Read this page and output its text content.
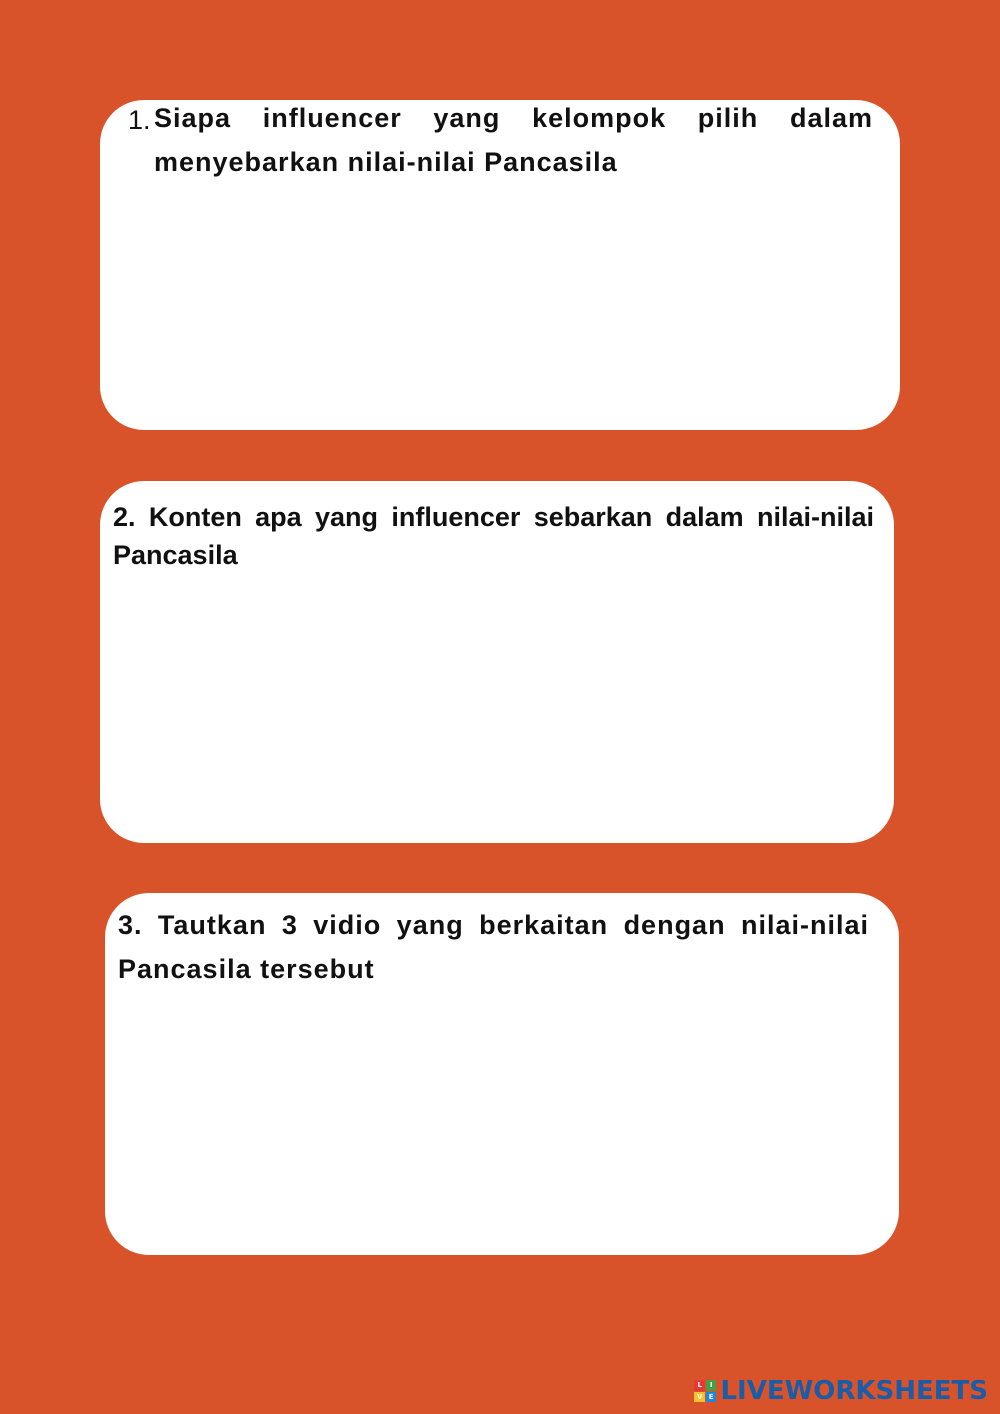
1. Siapa influencer yang kelompok pilih dalam menyebarkan nilai-nilai Pancasila
2. Konten apa yang influencer sebarkan dalam nilai-nilai Pancasila
3. Tautkan 3 vidio yang berkaitan dengan nilai-nilai Pancasila tersebut
L	I
V E LIVEWORKSHEETS
